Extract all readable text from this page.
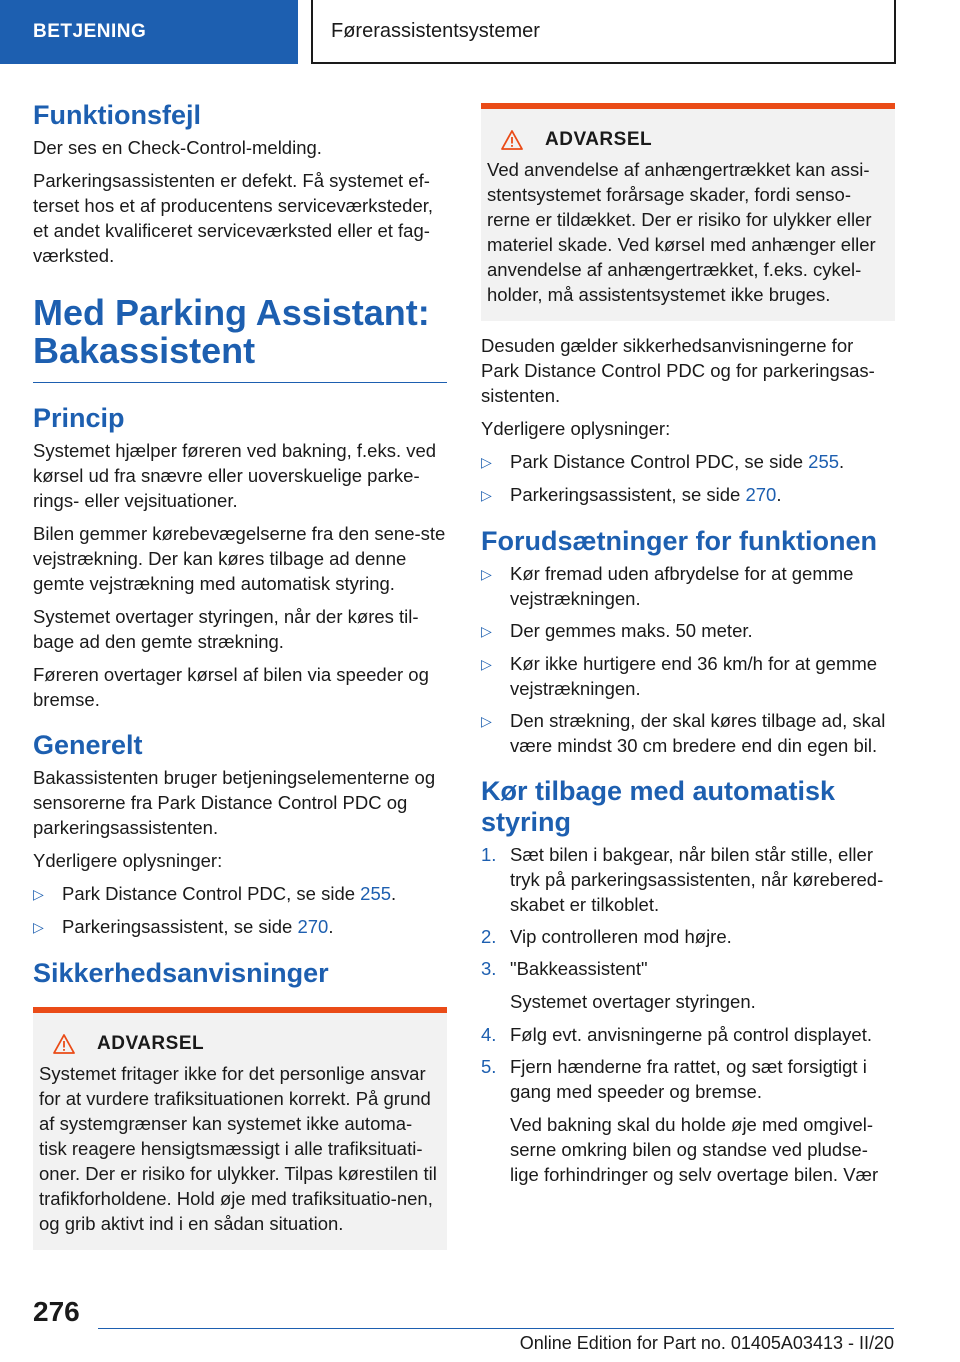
BETJENING	Førerassistentsystemer
Funktionsfejl

Der ses en Check-Control-melding.

Parkeringsassistenten er defekt. Få systemet ef-terset hos et af producentens serviceværksteder, et andet kvalificeret serviceværksted eller et fag-værksted.

Med Parking Assistant: Bakassistent
Princip

Systemet hjælper føreren ved bakning, f.eks. ved kørsel ud fra snævre eller uoverskuelige parke-rings- eller vejsituationer.

Bilen gemmer kørebevægelserne fra den sene-ste vejstrækning. Der kan køres tilbage ad denne gemte vejstrækning med automatisk styring.

Systemet overtager styringen, når der køres til-bage ad den gemte strækning.

Føreren overtager kørsel af bilen via speeder og bremse.

Generelt

Bakassistenten bruger betjeningselementerne og sensorerne fra Park Distance Control PDC og parkeringsassistenten.

Yderligere oplysninger:

▷ Park Distance Control PDC, se side 255.
▷ Parkeringsassistent, se side 270.
Sikkerhedsanvisninger
ADVARSEL

Systemet fritager ikke for det personlige ansvar for at vurdere trafiksituationen korrekt. På grund af systemgrænser kan systemet ikke automa-tisk reagere hensigtsmæssigt i alle trafiksituati-oner. Der er risiko for ulykker. Tilpas kørestilen til trafikforholdene. Hold øje med trafiksituatio-nen, og grib aktivt ind i en sådan situation.

ADVARSEL

Ved anvendelse af anhængertrækket kan assi-stentsystemet forårsage skader, fordi senso-rerne er tildækket. Der er risiko for ulykker eller materiel skade. Ved kørsel med anhænger eller anvendelse af anhængertrækket, f.eks. cykel-holder, må assistentsystemet ikke bruges.

Desuden gælder sikkerhedsanvisningerne for Park Distance Control PDC og for parkeringsas-sistenten.

Yderligere oplysninger:

▷ Park Distance Control PDC, se side 255.
▷ Parkeringsassistent, se side 270.
Forudsætninger for funktionen
▷ Kør fremad uden afbrydelse for at gemme vejstrækningen.
▷ Der gemmes maks. 50 meter.
▷ Kør ikke hurtigere end 36 km/h for at gemme vejstrækningen.
▷ Den strækning, der skal køres tilbage ad, skal være mindst 30 cm bredere end din egen bil.
Kør tilbage med automatisk styring
1. Sæt bilen i bakgear, når bilen står stille, eller tryk på parkeringsassistenten, når kørebered-skabet er tilkoblet.
2. Vip controlleren mod højre.
3. "Bakkeassistent"

Systemet overtager styringen.

4. Følg evt. anvisningerne på control displayet.
5. Fjern hænderne fra rattet, og sæt forsigtigt i gang med speeder og bremse.

Ved bakning skal du holde øje med omgivel-serne omkring bilen og standse ved pludse-lige forhindringer og selv overtage bilen. Vær

276
Online Edition for Part no. 01405A03413 - II/20
